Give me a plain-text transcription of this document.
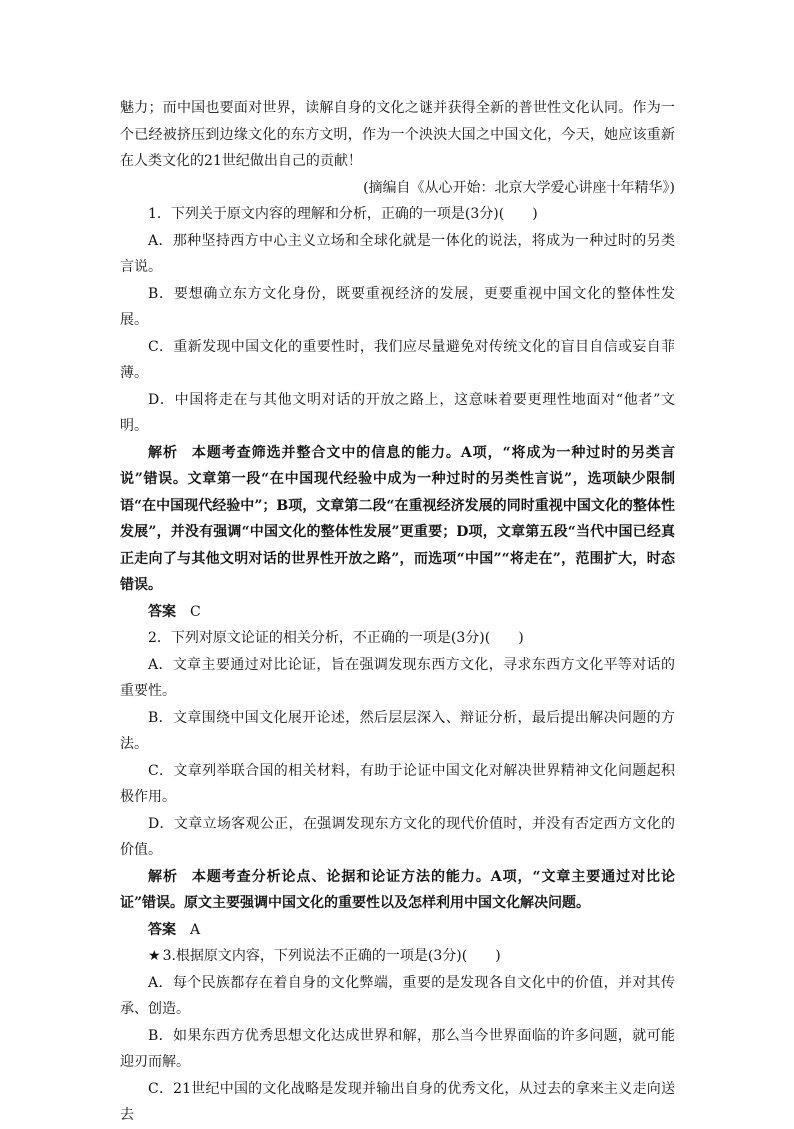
魅力；而中国也要面对世界，读解自身的文化之谜并获得全新的普世性文化认同。作为一个已经被挤压到边缘文化的东方文明，作为一个泱泱大国之中国文化，今天，她应该重新在人类文化的21世纪做出自己的贡献！

(摘编自《从心开始：北京大学爱心讲座十年精华》)

1．下列关于原文内容的理解和分析，正确的一项是(3分)(　　)

A．那种坚持西方中心主义立场和全球化就是一体化的说法，将成为一种过时的另类言说。

B．要想确立东方文化身份，既要重视经济的发展，更要重视中国文化的整体性发展。

C．重新发现中国文化的重要性时，我们应尽量避免对传统文化的盲目自信或妄自菲薄。

D．中国将走在与其他文明对话的开放之路上，这意味着要更理性地面对“他者”文明。

解析 本题考查筛选并整合文中的信息的能力。A项，“将成为一种过时的另类言说”错误。文章第一段“在中国现代经验中成为一种过时的另类性言说”，选项缺少限制语“在中国现代经验中”；B项，文章第二段“在重视经济发展的同时重视中国文化的整体性发展”，并没有强调“中国文化的整体性发展”更重要；D项，文章第五段“当代中国已经真正走向了与其他文明对话的世界性开放之路”，而选项“中国”“将走在”，范围扩大，时态错误。

答案 C

2．下列对原文论证的相关分析，不正确的一项是(3分)(　　)

A．文章主要通过对比论证，旨在强调发现东西方文化，寻求东西方文化平等对话的重要性。

B．文章围绕中国文化展开论述，然后层层深入、辩证分析，最后提出解决问题的方法。

C．文章列举联合国的相关材料，有助于论证中国文化对解决世界精神文化问题起积极作用。

D．文章立场客观公正，在强调发现东方文化的现代价值时，并没有否定西方文化的价值。

解析 本题考查分析论点、论据和论证方法的能力。A项，“文章主要通过对比论证”错误。原文主要强调中国文化的重要性以及怎样利用中国文化解决问题。

答案 A

★ 3.根据原文内容，下列说法不正确的一项是(3分)(　　)

A．每个民族都存在着自身的文化弊端，重要的是发现各自文化中的价值，并对其传承、创造。

B．如果东西方优秀思想文化达成世界和解，那么当今世界面临的许多问题，就可能迎刃而解。

C．21世纪中国的文化战略是发现并输出自身的优秀文化，从过去的拿来主义走向送去
